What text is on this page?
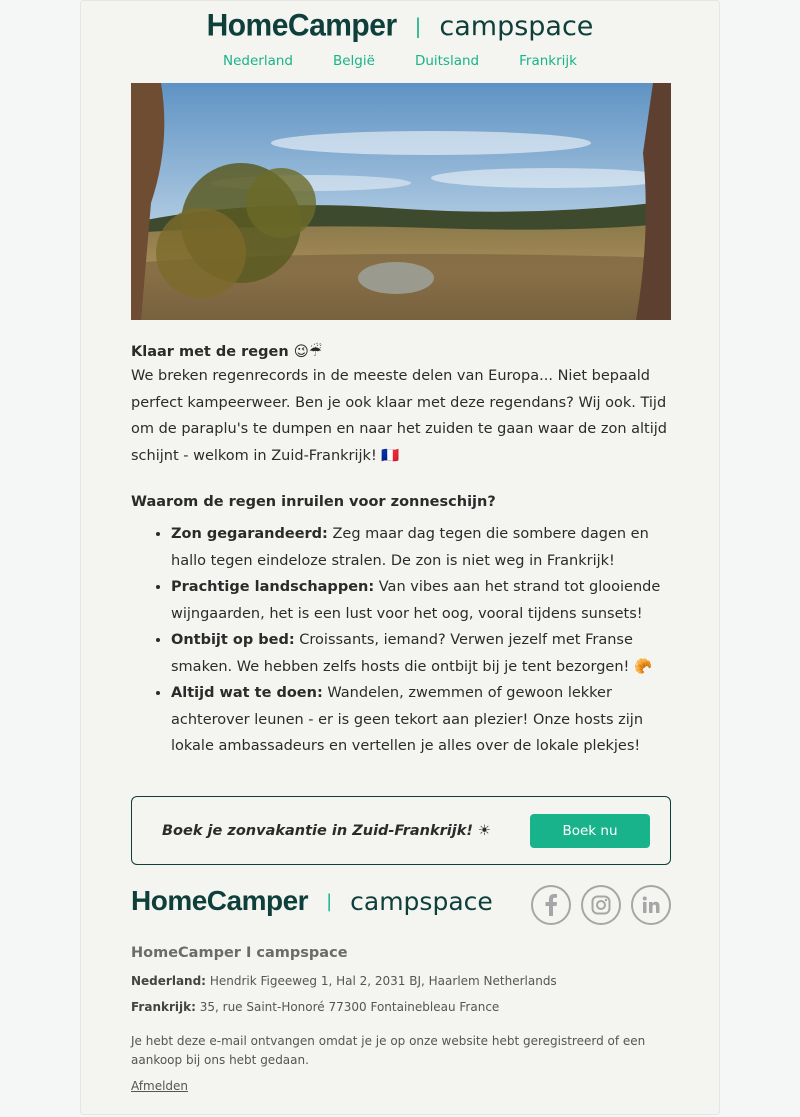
HomeCamper | campspace
Nederland	België	Duitsland	Frankrijk
Klaar met de regen 😉☔

We breken regenrecords in de meeste delen van Europa... Niet bepaald perfect kampeerweer. Ben je ook klaar met deze regendans? Wij ook. Tijd om de paraplu's te dumpen en naar het zuiden te gaan waar de zon altijd schijnt - welkom in Zuid-Frankrijk! 🇫🇷

Waarom de regen inruilen voor zonneschijn?
• Zon gegarandeerd: Zeg maar dag tegen die sombere dagen en hallo tegen eindeloze stralen. De zon is niet weg in Frankrijk!
• Prachtige landschappen: Van vibes aan het strand tot glooiende wijngaarden, het is een lust voor het oog, vooral tijdens sunsets!
• Ontbijt op bed: Croissants, iemand? Verwen jezelf met Franse smaken. We hebben zelfs hosts die ontbijt bij je tent bezorgen! 🥐
• Altijd wat te doen: Wandelen, zwemmen of gewoon lekker achterover leunen - er is geen tekort aan plezier! Onze hosts zijn lokale ambassadeurs en vertellen je alles over de lokale plekjes!
Boek je zonvakantie in Zuid-Frankrijk! ☀	Boek nu
HomeCamper | campspace
HomeCamper I campspace
Nederland: Hendrik Figeeweg 1, Hal 2, 2031 BJ, Haarlem Netherlands
Frankrijk: 35, rue Saint-Honoré 77300 Fontainebleau France
Je hebt deze e-mail ontvangen omdat je je op onze website hebt geregistreerd of een aankoop bij ons hebt gedaan.
Afmelden
